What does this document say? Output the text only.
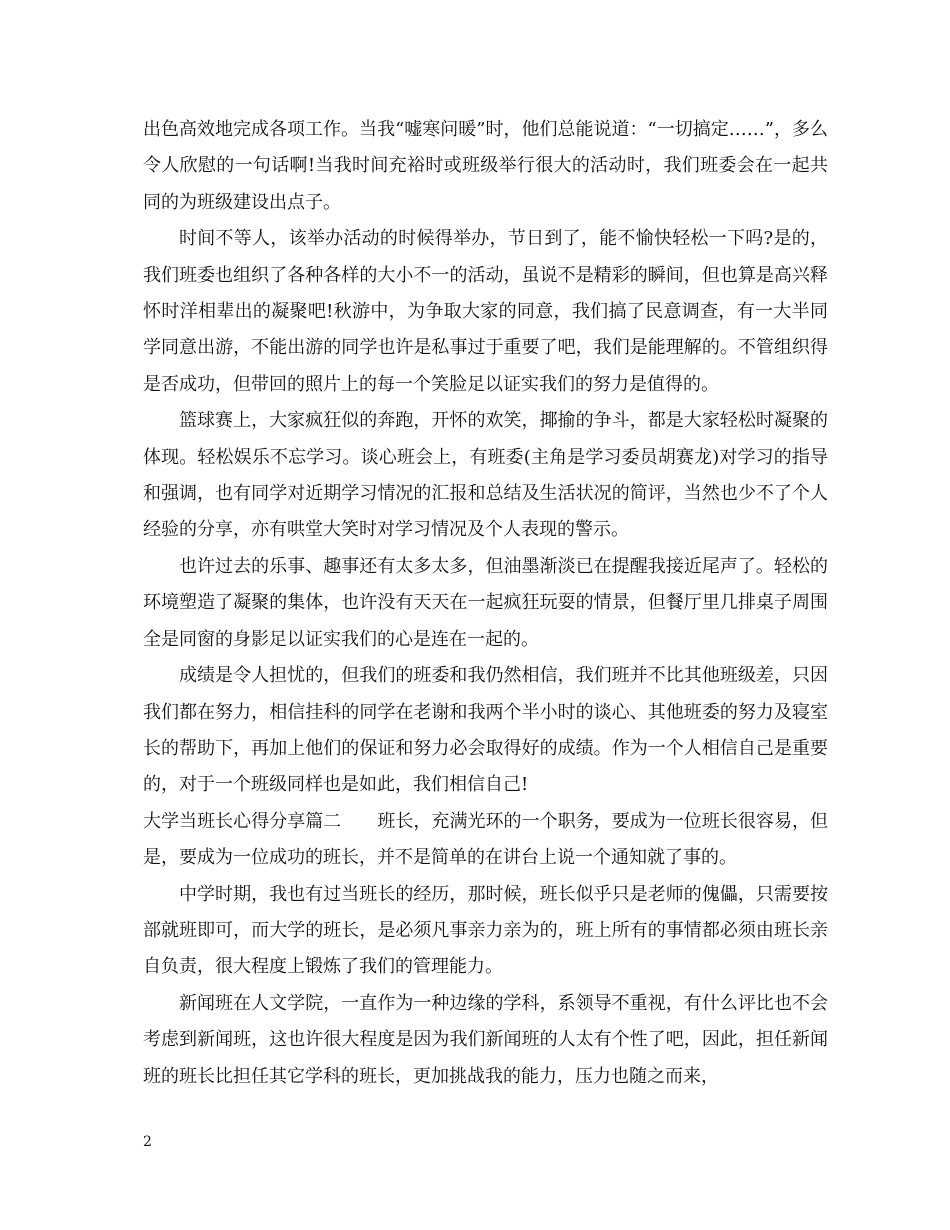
出色高效地完成各项工作。当我“嘘寒问暖”时，他们总能说道：“一切搞定……”，多么令人欣慰的一句话啊!当我时间充裕时或班级举行很大的活动时，我们班委会在一起共同的为班级建设出点子。

时间不等人，该举办活动的时候得举办，节日到了，能不愉快轻松一下吗?是的，我们班委也组织了各种各样的大小不一的活动，虽说不是精彩的瞬间，但也算是高兴释怀时洋相辈出的凝聚吧!秋游中，为争取大家的同意，我们搞了民意调查，有一大半同学同意出游，不能出游的同学也许是私事过于重要了吧，我们是能理解的。不管组织得是否成功，但带回的照片上的每一个笑脸足以证实我们的努力是值得的。

篮球赛上，大家疯狂似的奔跑，开怀的欢笑，揶揄的争斗，都是大家轻松时凝聚的体现。轻松娱乐不忘学习。谈心班会上，有班委(主角是学习委员胡赛龙)对学习的指导和强调，也有同学对近期学习情况的汇报和总结及生活状况的简评，当然也少不了个人经验的分享，亦有哄堂大笑时对学习情况及个人表现的警示。

也许过去的乐事、趣事还有太多太多，但油墨渐淡已在提醒我接近尾声了。轻松的环境塑造了凝聚的集体，也许没有天天在一起疯狂玩耍的情景，但餐厅里几排桌子周围全是同窗的身影足以证实我们的心是连在一起的。

成绩是令人担忧的，但我们的班委和我仍然相信，我们班并不比其他班级差，只因我们都在努力，相信挂科的同学在老谢和我两个半小时的谈心、其他班委的努力及寝室长的帮助下，再加上他们的保证和努力必会取得好的成绩。作为一个人相信自己是重要的，对于一个班级同样也是如此，我们相信自己!

大学当班长心得分享篇二　　班长，充满光环的一个职务，要成为一位班长很容易，但是，要成为一位成功的班长，并不是简单的在讲台上说一个通知就了事的。

中学时期，我也有过当班长的经历，那时候，班长似乎只是老师的傀儡，只需要按部就班即可，而大学的班长，是必须凡事亲力亲为的，班上所有的事情都必须由班长亲自负责，很大程度上锻炼了我们的管理能力。

新闻班在人文学院，一直作为一种边缘的学科，系领导不重视，有什么评比也不会考虑到新闻班，这也许很大程度是因为我们新闻班的人太有个性了吧，因此，担任新闻班的班长比担任其它学科的班长，更加挑战我的能力，压力也随之而来，

2
